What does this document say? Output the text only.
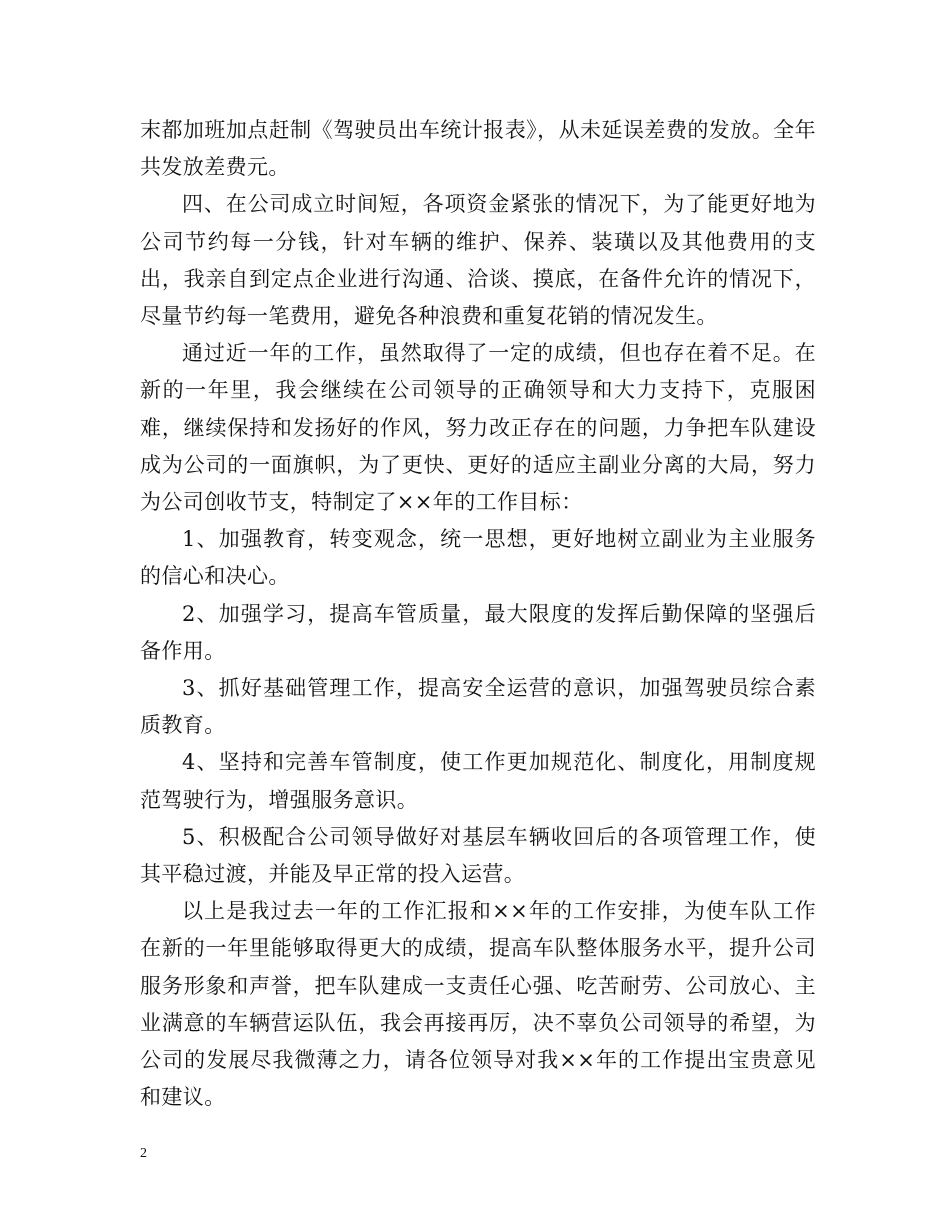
末都加班加点赶制《驾驶员出车统计报表》，从未延误差费的发放。全年共发放差费元。

四、在公司成立时间短，各项资金紧张的情况下，为了能更好地为公司节约每一分钱，针对车辆的维护、保养、装璜以及其他费用的支出，我亲自到定点企业进行沟通、洽谈、摸底，在备件允许的情况下，尽量节约每一笔费用，避免各种浪费和重复花销的情况发生。

通过近一年的工作，虽然取得了一定的成绩，但也存在着不足。在新的一年里，我会继续在公司领导的正确领导和大力支持下，克服困难，继续保持和发扬好的作风，努力改正存在的问题，力争把车队建设成为公司的一面旗帜，为了更快、更好的适应主副业分离的大局，努力为公司创收节支，特制定了××年的工作目标：

1、加强教育，转变观念，统一思想，更好地树立副业为主业服务的信心和决心。

2、加强学习，提高车管质量，最大限度的发挥后勤保障的坚强后备作用。

3、抓好基础管理工作，提高安全运营的意识，加强驾驶员综合素质教育。

4、坚持和完善车管制度，使工作更加规范化、制度化，用制度规范驾驶行为，增强服务意识。

5、积极配合公司领导做好对基层车辆收回后的各项管理工作，使其平稳过渡，并能及早正常的投入运营。

以上是我过去一年的工作汇报和××年的工作安排，为使车队工作在新的一年里能够取得更大的成绩，提高车队整体服务水平，提升公司服务形象和声誉，把车队建成一支责任心强、吃苦耐劳、公司放心、主业满意的车辆营运队伍，我会再接再厉，决不辜负公司领导的希望，为公司的发展尽我微薄之力，请各位领导对我××年的工作提出宝贵意见和建议。

2
